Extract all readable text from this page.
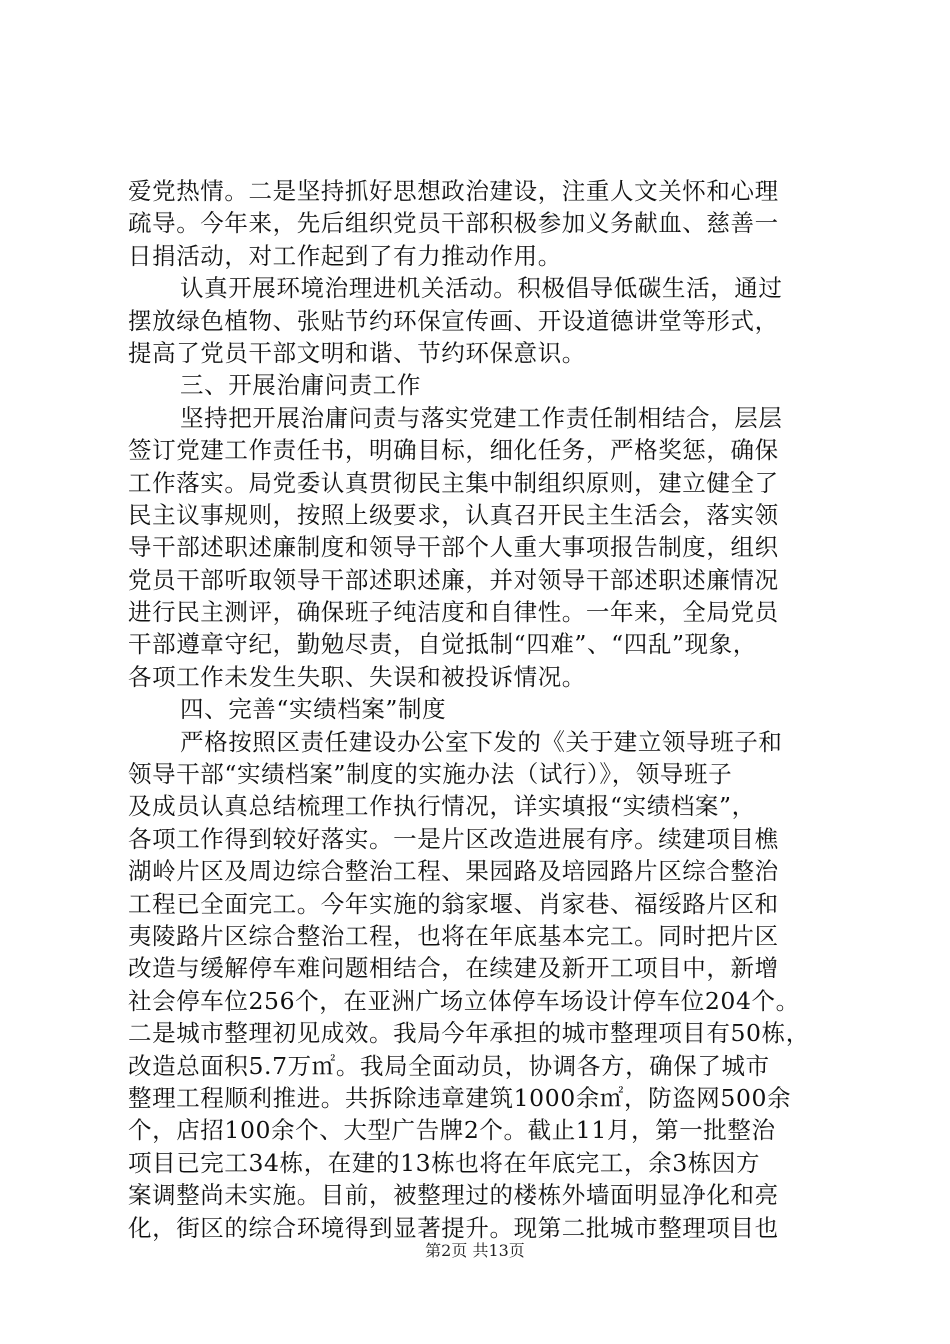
爱党热情。二是坚持抓好思想政治建设，注重人文关怀和心理
疏导。今年来，先后组织党员干部积极参加义务献血、慈善一
日捐活动，对工作起到了有力推动作用。
认真开展环境治理进机关活动。积极倡导低碳生活，通过
摆放绿色植物、张贴节约环保宣传画、开设道德讲堂等形式，
提高了党员干部文明和谐、节约环保意识。
三、开展治庸问责工作
坚持把开展治庸问责与落实党建工作责任制相结合，层层
签订党建工作责任书，明确目标，细化任务，严格奖惩，确保
工作落实。局党委认真贯彻民主集中制组织原则，建立健全了
民主议事规则，按照上级要求，认真召开民主生活会，落实领
导干部述职述廉制度和领导干部个人重大事项报告制度，组织
党员干部听取领导干部述职述廉，并对领导干部述职述廉情况
进行民主测评，确保班子纯洁度和自律性。一年来，全局党员
干部遵章守纪，勤勉尽责，自觉抵制“四难”、“四乱”现象，
各项工作未发生失职、失误和被投诉情况。
四、完善“实绩档案”制度
严格按照区责任建设办公室下发的《关于建立领导班子和
领导干部“实绩档案”制度的实施办法（试行）》，领导班子
及成员认真总结梳理工作执行情况，详实填报“实绩档案”，
各项工作得到较好落实。一是片区改造进展有序。续建项目樵
湖岭片区及周边综合整治工程、果园路及培园路片区综合整治
工程已全面完工。今年实施的翁家堰、肖家巷、福绥路片区和
夷陵路片区综合整治工程，也将在年底基本完工。同时把片区
改造与缓解停车难问题相结合，在续建及新开工项目中，新增
社会停车位256个，在亚洲广场立体停车场设计停车位204个。
二是城市整理初见成效。我局今年承担的城市整理项目有50栋，
改造总面积5.7万㎡。我局全面动员，协调各方，确保了城市
整理工程顺利推进。共拆除违章建筑1000余㎡，防盗网500余
个，店招100余个、大型广告牌2个。截止11月，第一批整治
项目已完工34栋，在建的13栋也将在年底完工，余3栋因方
案调整尚未实施。目前，被整理过的楼栋外墙面明显净化和亮
化，街区的综合环境得到显著提升。现第二批城市整理项目也
第2页 共13页
